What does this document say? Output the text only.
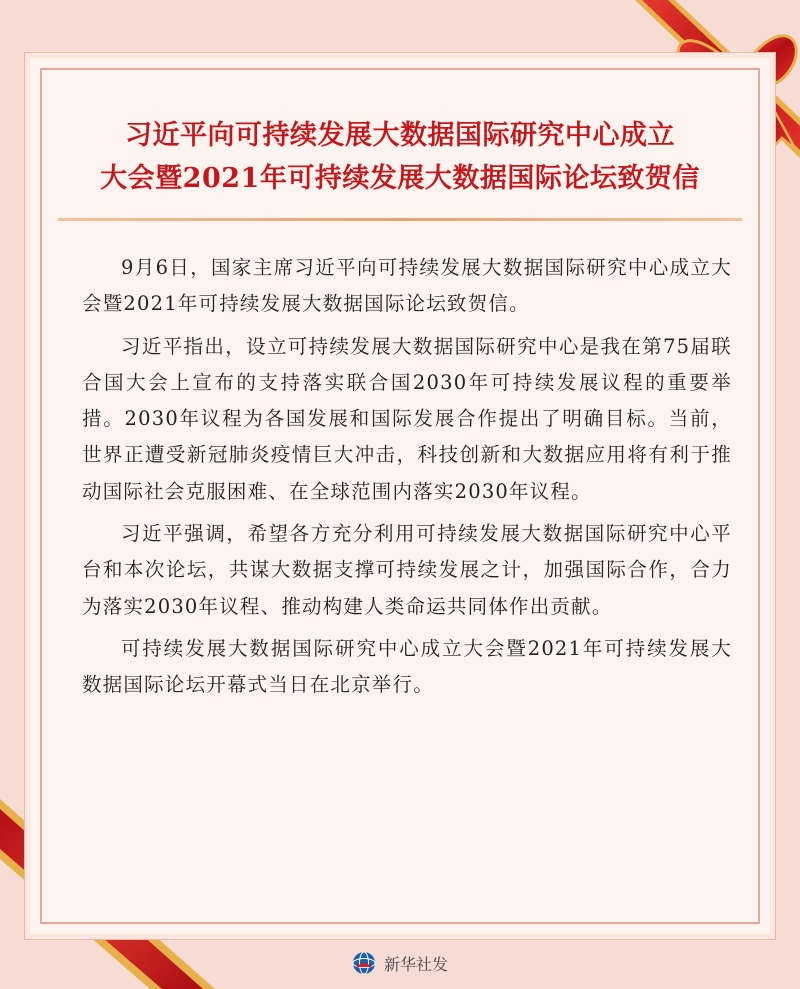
习近平向可持续发展大数据国际研究中心成立
大会暨2021年可持续发展大数据国际论坛致贺信

9月6日，国家主席习近平向可持续发展大数据国际研究中心成立大会暨2021年可持续发展大数据国际论坛致贺信。

习近平指出，设立可持续发展大数据国际研究中心是我在第75届联合国大会上宣布的支持落实联合国2030年可持续发展议程的重要举措。2030年议程为各国发展和国际发展合作提出了明确目标。当前，世界正遭受新冠肺炎疫情巨大冲击，科技创新和大数据应用将有利于推动国际社会克服困难、在全球范围内落实2030年议程。

习近平强调，希望各方充分利用可持续发展大数据国际研究中心平台和本次论坛，共谋大数据支撑可持续发展之计，加强国际合作，合力为落实2030年议程、推动构建人类命运共同体作出贡献。

可持续发展大数据国际研究中心成立大会暨2021年可持续发展大数据国际论坛开幕式当日在北京举行。

新华社发
